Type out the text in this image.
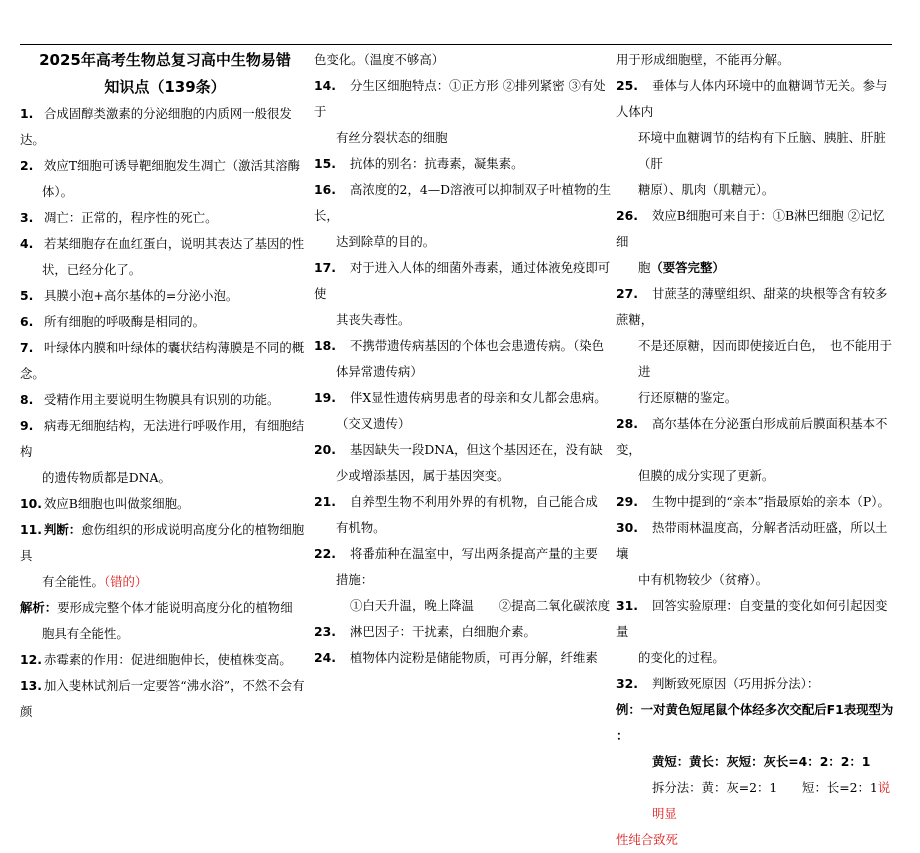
2025年高考生物总复习高中生物易错
知识点（139条）
1. 合成固醇类激素的分泌细胞的内质网一般很发达。
2. 效应T细胞可诱导靶细胞发生凋亡（激活其溶酶
体）。
3. 凋亡：正常的，程序性的死亡。
4. 若某细胞存在血红蛋白，说明其表达了基因的性
状，已经分化了。
5. 具膜小泡+高尔基体的=分泌小泡。
6. 所有细胞的呼吸酶是相同的。
7. 叶绿体内膜和叶绿体的囊状结构薄膜是不同的概念。
8. 受精作用主要说明生物膜具有识别的功能。
9. 病毒无细胞结构，无法进行呼吸作用，有细胞结构
的遗传物质都是DNA。
10. 效应B细胞也叫做浆细胞。
11. 判断：愈伤组织的形成说明高度分化的植物细胞具
有全能性。（错的）
解析：要形成完整个体才能说明高度分化的植物细
胞具有全能性。
12. 赤霉素的作用：促进细胞伸长，使植株变高。
13. 加入斐林试剂后一定要答“沸水浴”，不然不会有颜
色变化。（温度不够高）
14. 分生区细胞特点：①正方形 ②排列紧密 ③有处于
有丝分裂状态的细胞
15. 抗体的别名：抗毒素，凝集素。
16. 高浓度的2，4—D溶液可以抑制双子叶植物的生长，
达到除草的目的。
17. 对于进入人体的细菌外毒素，通过体液免疫即可使
其丧失毒性。
18. 不携带遗传病基因的个体也会患遗传病。（染色
体异常遗传病）
19. 伴X显性遗传病男患者的母亲和女儿都会患病。
（交叉遗传）
20. 基因缺失一段DNA，但这个基因还在，没有缺
少或增添基因，属于基因突变。
21. 自养型生物不利用外界的有机物，自己能合成
有机物。
22. 将番茄种在温室中，写出两条提高产量的主要
措施：
①白天升温，晚上降温　　②提高二氧化碳浓度
23. 淋巴因子：干扰素，白细胞介素。
24. 植物体内淀粉是储能物质，可再分解，纤维素
用于形成细胞壁，不能再分解。
25. 垂体与人体内环境中的血糖调节无关。参与人体内
环境中血糖调节的结构有下丘脑、胰脏、肝脏（肝
糖原）、肌肉（肌糖元）。
26. 效应B细胞可来自于：①B淋巴细胞 ②记忆细
胞（要答完整）
27. 甘蔗茎的薄壁组织、甜菜的块根等含有较多蔗糖，
不是还原糖，因而即使接近白色，　也不能用于进
行还原糖的鉴定。
28. 高尔基体在分泌蛋白形成前后膜面积基本不变，
但膜的成分实现了更新。
29. 生物中提到的“亲本”指最原始的亲本（P）。
30. 热带雨林温度高，分解者活动旺盛，所以土壤
中有机物较少（贫瘠）。
31. 回答实验原理：自变量的变化如何引起因变量
的变化的过程。
32. 判断致死原因（巧用拆分法）：
例：一对黄色短尾鼠个体经多次交配后F1表现型为 ：
黄短：黄长：灰短：灰长=4：2：2：1
拆分法：黄：灰=2：1　　短：长=2：1说明显
性纯合致死
